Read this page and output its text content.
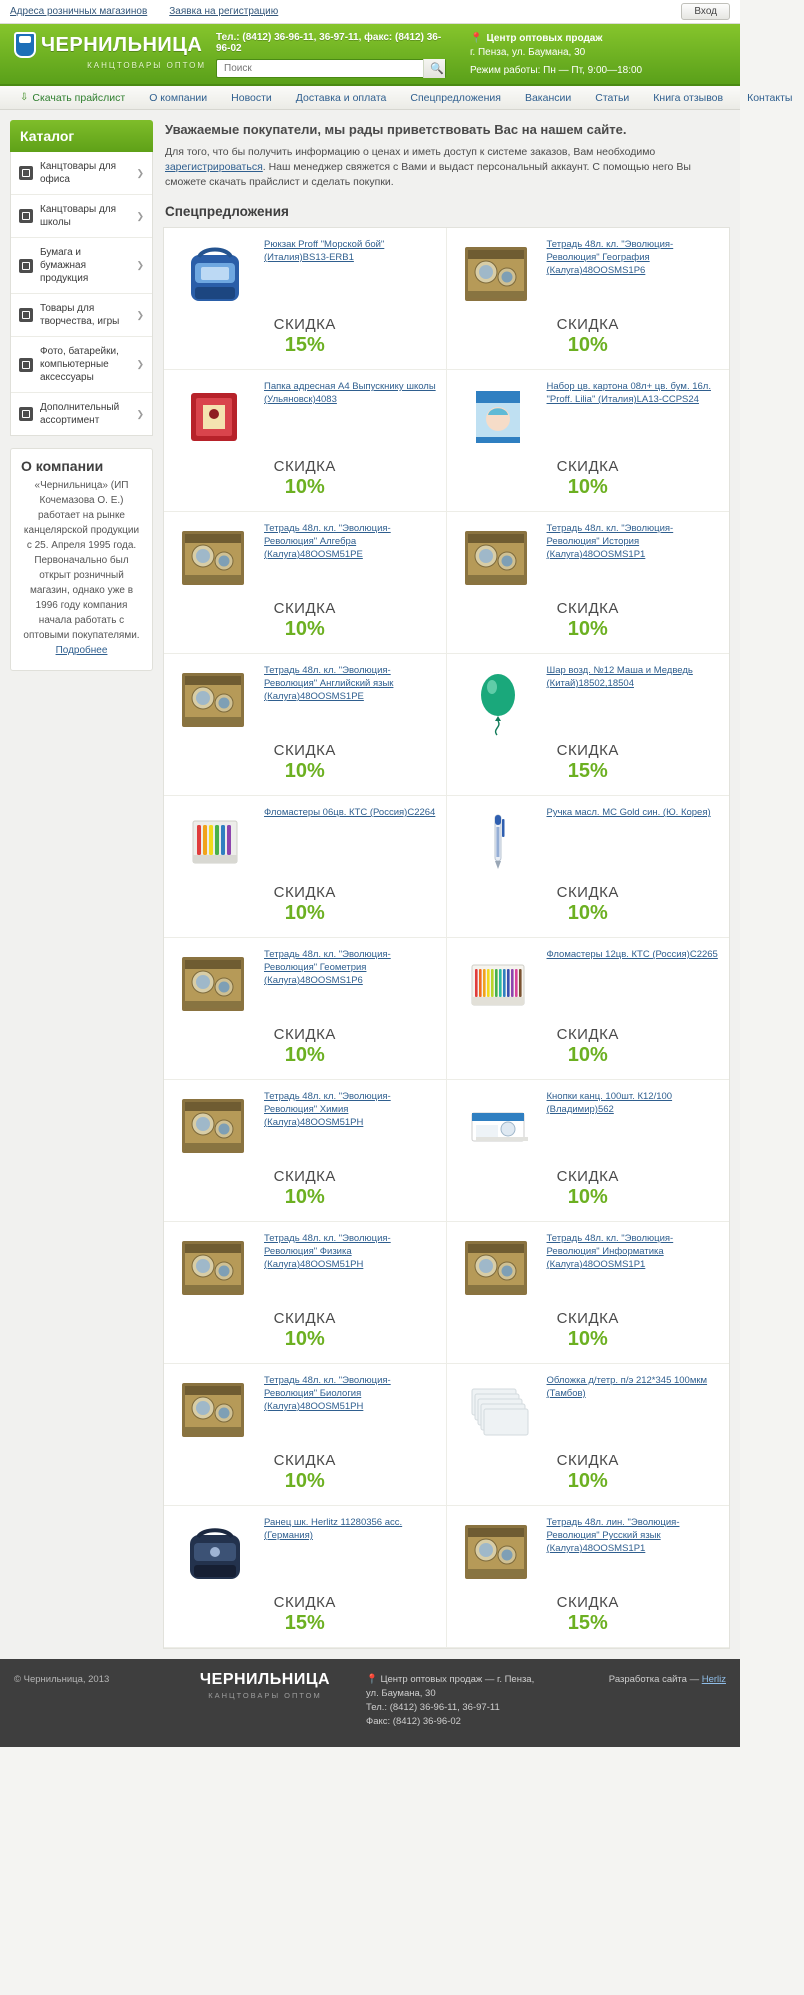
Адреса розничных магазинов Заявка на регистрацию	Вход
ЧЕРНИЛЬНИЦА
КАНЦТОВАРЫ ОПТОМ
Тел.: (8412) 36-96-11, 36-97-11, факс: (8412) 36-96-02
Поиск
🔍
📍 Центр оптовых продаж
г. Пенза, ул. Баумана, 30
Режим работы: Пн — Пт, 9:00—18:00
⇩ Скачать прайслист	О компании	Новости	Доставка и оплата	Спецпредложения	Вакансии	Статьи	Книга отзывов	Контакты
Каталог
Канцтовары для офиса
❯
Канцтовары для школы
❯
Бумага и бумажная продукция
❯
Товары для творчества, игры
❯
Фото, батарейки, компьютерные аксессуары
❯
Дополнительный ассортимент
❯
О компании
«Чернильница» (ИП Кочемазова О. Е.) работает на рынке канцелярской продукции с 25. Апреля 1995 года. Первоначально был открыт розничный магазин, однако уже в 1996 году компания начала работать с оптовыми покупателями. Подробнее
Уважаемые покупатели, мы рады приветствовать Вас на нашем сайте.
Для того, что бы получить информацию о ценах и иметь доступ к системе заказов, Вам необходимо зарегистрироваться. Наш менеджер свяжется с Вами и выдаст персональный аккаунт. С помощью него Вы сможете скачать прайслист и сделать покупки.
Спецпредложения
Рюкзак Proff "Морской бой" (Италия)BS13-ERB1
СКИДКА
15%
Тетрадь 48л. кл. "Эволюция-Революция" География (Калуга)48ООSMS1P6
СКИДКА
10%
Папка адресная А4 Выпускнику школы (Ульяновск)4083
СКИДКА
10%
Набор цв. картона 08л+ цв. бум. 16л. "Proff. Lilia" (Италия)LA13-CCPS24
СКИДКА
10%
Тетрадь 48л. кл. "Эволюция-Революция" Алгебра (Калуга)48ООSM51PE
СКИДКА
10%
Тетрадь 48л. кл. "Эволюция-Революция" История (Калуга)48ООSMS1P1
СКИДКА
10%
Тетрадь 48л. кл. "Эволюция-Революция" Английский язык (Калуга)48ООSMS1PE
СКИДКА
10%
Шар возд. №12 Маша и Медведь (Китай)18502,18504
СКИДКА
15%
Фломастеры 06цв. КТС (Россия)С2264
СКИДКА
10%
Ручка масл. MC Gold син. (Ю. Корея)
СКИДКА
10%
Тетрадь 48л. кл. "Эволюция-Революция" Геометрия (Калуга)48ООSMS1P6
СКИДКА
10%
Фломастеры 12цв. КТС (Россия)С2265
СКИДКА
10%
Тетрадь 48л. кл. "Эволюция-Революция" Химия (Калуга)48ООSM51PH
СКИДКА
10%
Кнопки канц. 100шт. К12/100 (Владимир)562
СКИДКА
10%
Тетрадь 48л. кл. "Эволюция-Революция" Физика (Калуга)48ООSM51PH
СКИДКА
10%
Тетрадь 48л. кл. "Эволюция-Революция" Информатика (Калуга)48ООSMS1P1
СКИДКА
10%
Тетрадь 48л. кл. "Эволюция-Революция" Биология (Калуга)48ООSM51PH
СКИДКА
10%
Обложка д/тетр. п/э 212*345 100мкм (Тамбов)
СКИДКА
10%
Ранец шк. Herlitz 11280356 асс.(Германия)
СКИДКА
15%
Тетрадь 48л. лин. "Эволюция-Революция" Русский язык (Калуга)48ООSMS1P1
СКИДКА
15%
© Чернильница, 2013	ЧЕРНИЛЬНИЦА
КАНЦТОВАРЫ ОПТОМ
📍 Центр оптовых продаж — г. Пенза, ул. Баумана, 30
Тел.: (8412) 36-96-11, 36-97-11
Факс: (8412) 36-96-02
Разработка сайта — Herliz
